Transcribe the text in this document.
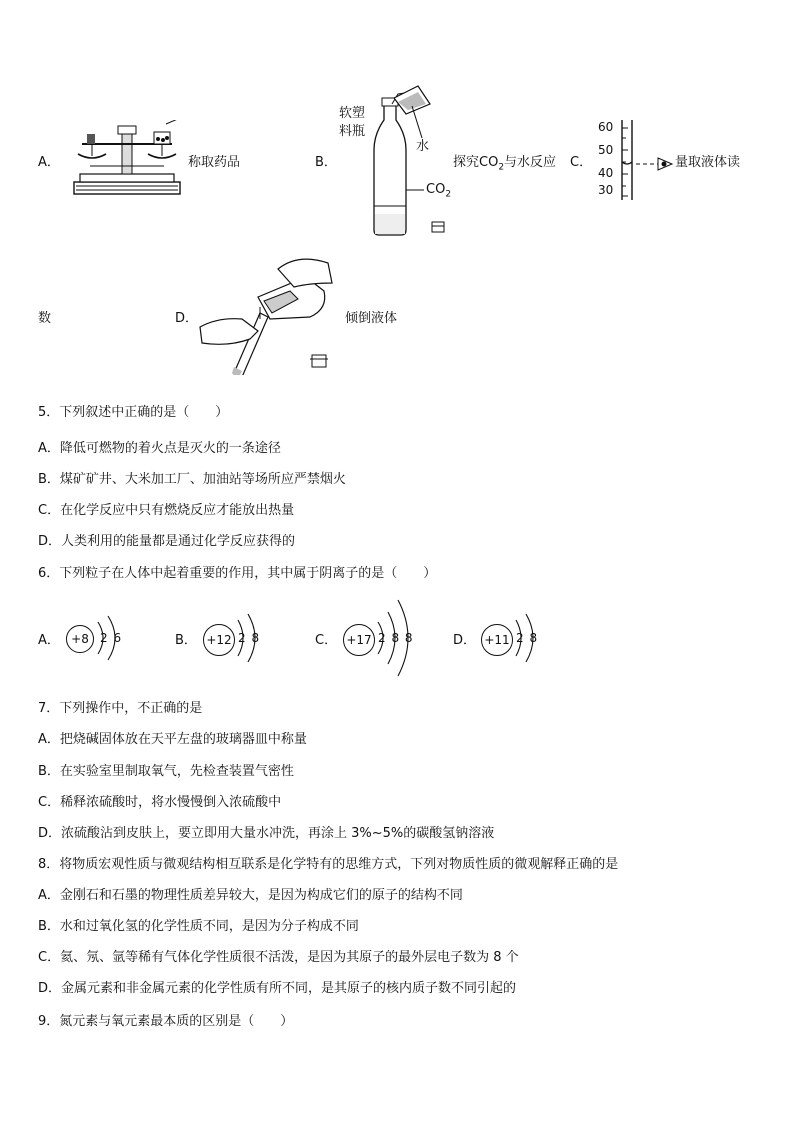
A．	称取药品	B．
软塑
料瓶
水
$CO_2$
探究$CO_2$与水反应 C．
60
50
40
30
量取液体读
数	D．	倾倒液体
5．下列叙述中正确的是（　　）
A．降低可燃物的着火点是灭火的一条途径
B．煤矿矿井、大米加工厂、加油站等场所应严禁烟火
C．在化学反应中只有燃烧反应才能放出热量
D．人类利用的能量都是通过化学反应获得的
6．下列粒子在人体中起着重要的作用，其中属于阴离子的是（　　）
A． +8 2 6	B． +12 2 8	C． +17 2 8 8	D． +11 2 8
7．下列操作中，不正确的是
A．把烧碱固体放在天平左盘的玻璃器皿中称量
B．在实验室里制取氧气，先检查装置气密性
C．稀释浓硫酸时，将水慢慢倒入浓硫酸中
D．浓硫酸沾到皮肤上，要立即用大量水冲洗，再涂上 3%~5%的碳酸氢钠溶液
8．将物质宏观性质与微观结构相互联系是化学特有的思维方式，下列对物质性质的微观解释正确的是
A．金刚石和石墨的物理性质差异较大，是因为构成它们的原子的结构不同
B．水和过氧化氢的化学性质不同，是因为分子构成不同
C．氦、氖、氩等稀有气体化学性质很不活泼，是因为其原子的最外层电子数为 8 个
D．金属元素和非金属元素的化学性质有所不同，是其原子的核内质子数不同引起的
9．氮元素与氧元素最本质的区别是（　　）
